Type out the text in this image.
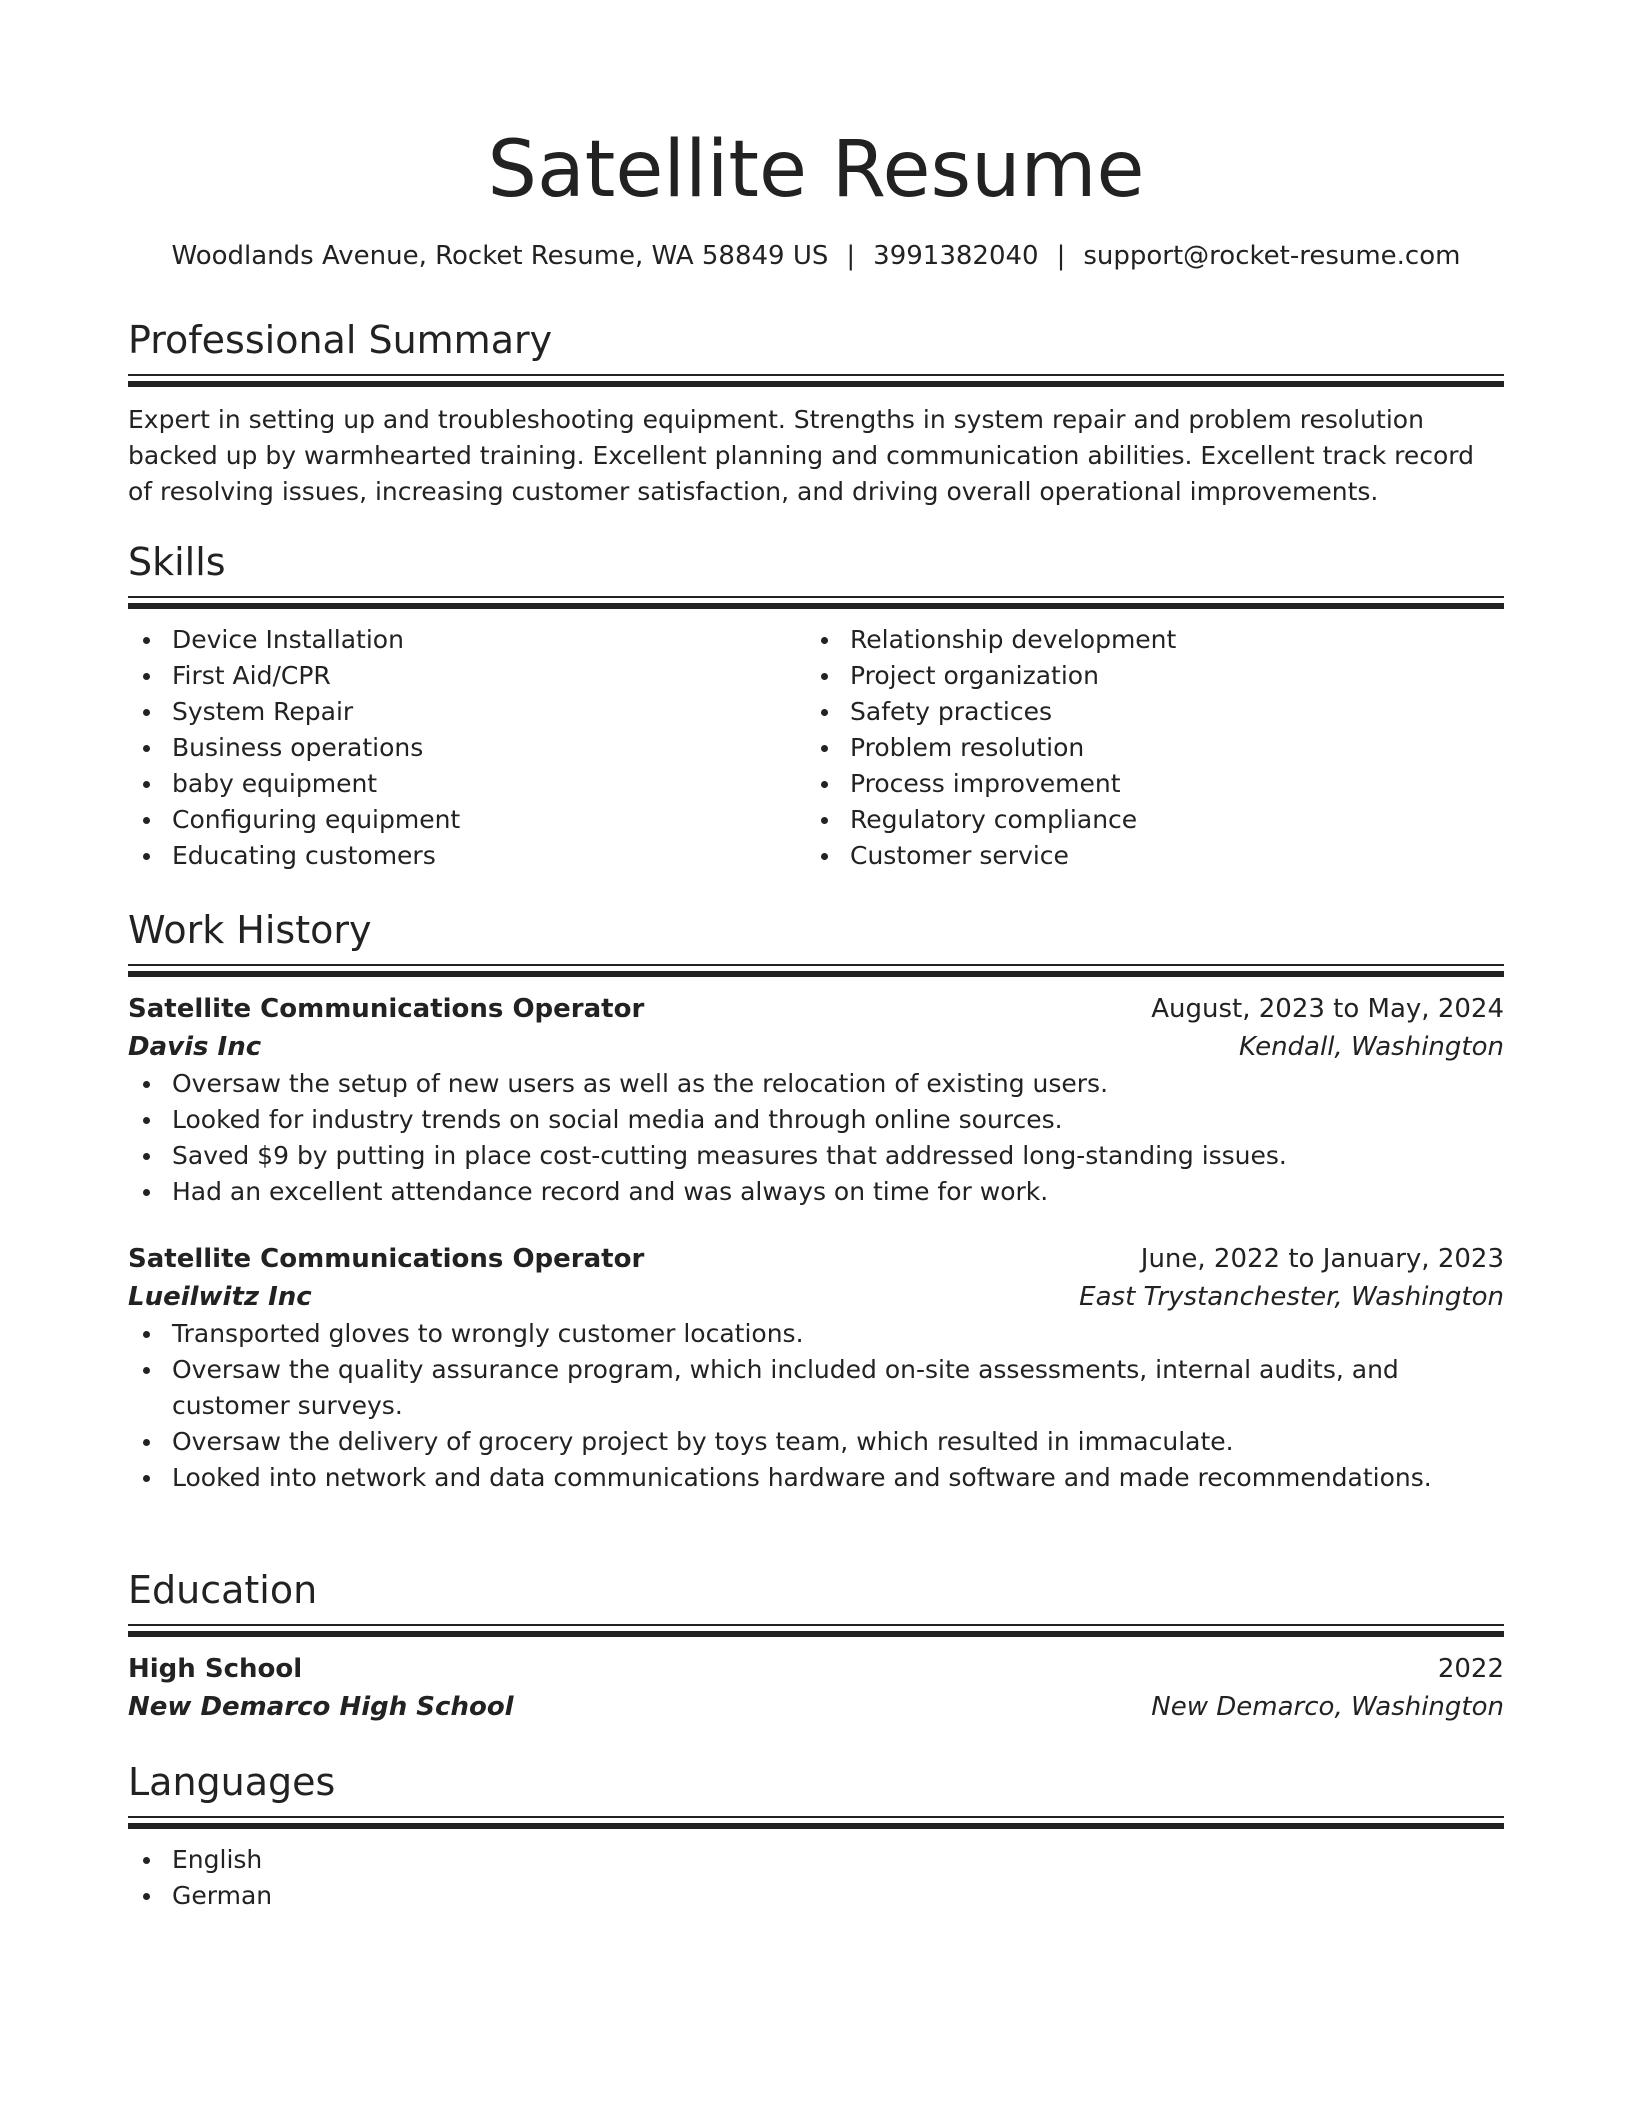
Satellite Resume
Woodlands Avenue, Rocket Resume, WA 58849 US | 3991382040 | support@rocket-resume.com
Professional Summary
Expert in setting up and troubleshooting equipment. Strengths in system repair and problem resolution backed up by warmhearted training. Excellent planning and communication abilities. Excellent track record of resolving issues, increasing customer satisfaction, and driving overall operational improvements.
Skills
Device Installation
First Aid/CPR
System Repair
Business operations
baby equipment
Configuring equipment
Educating customers
Relationship development
Project organization
Safety practices
Problem resolution
Process improvement
Regulatory compliance
Customer service
Work History
Satellite Communications Operator	August, 2023 to May, 2024
Davis Inc	Kendall, Washington
Oversaw the setup of new users as well as the relocation of existing users.
Looked for industry trends on social media and through online sources.
Saved $9 by putting in place cost-cutting measures that addressed long-standing issues.
Had an excellent attendance record and was always on time for work.
Satellite Communications Operator	June, 2022 to January, 2023
Lueilwitz Inc	East Trystanchester, Washington
Transported gloves to wrongly customer locations.
Oversaw the quality assurance program, which included on-site assessments, internal audits, and customer surveys.
Oversaw the delivery of grocery project by toys team, which resulted in immaculate.
Looked into network and data communications hardware and software and made recommendations.
Education
High School	2022
New Demarco High School	New Demarco, Washington
Languages
English
German
